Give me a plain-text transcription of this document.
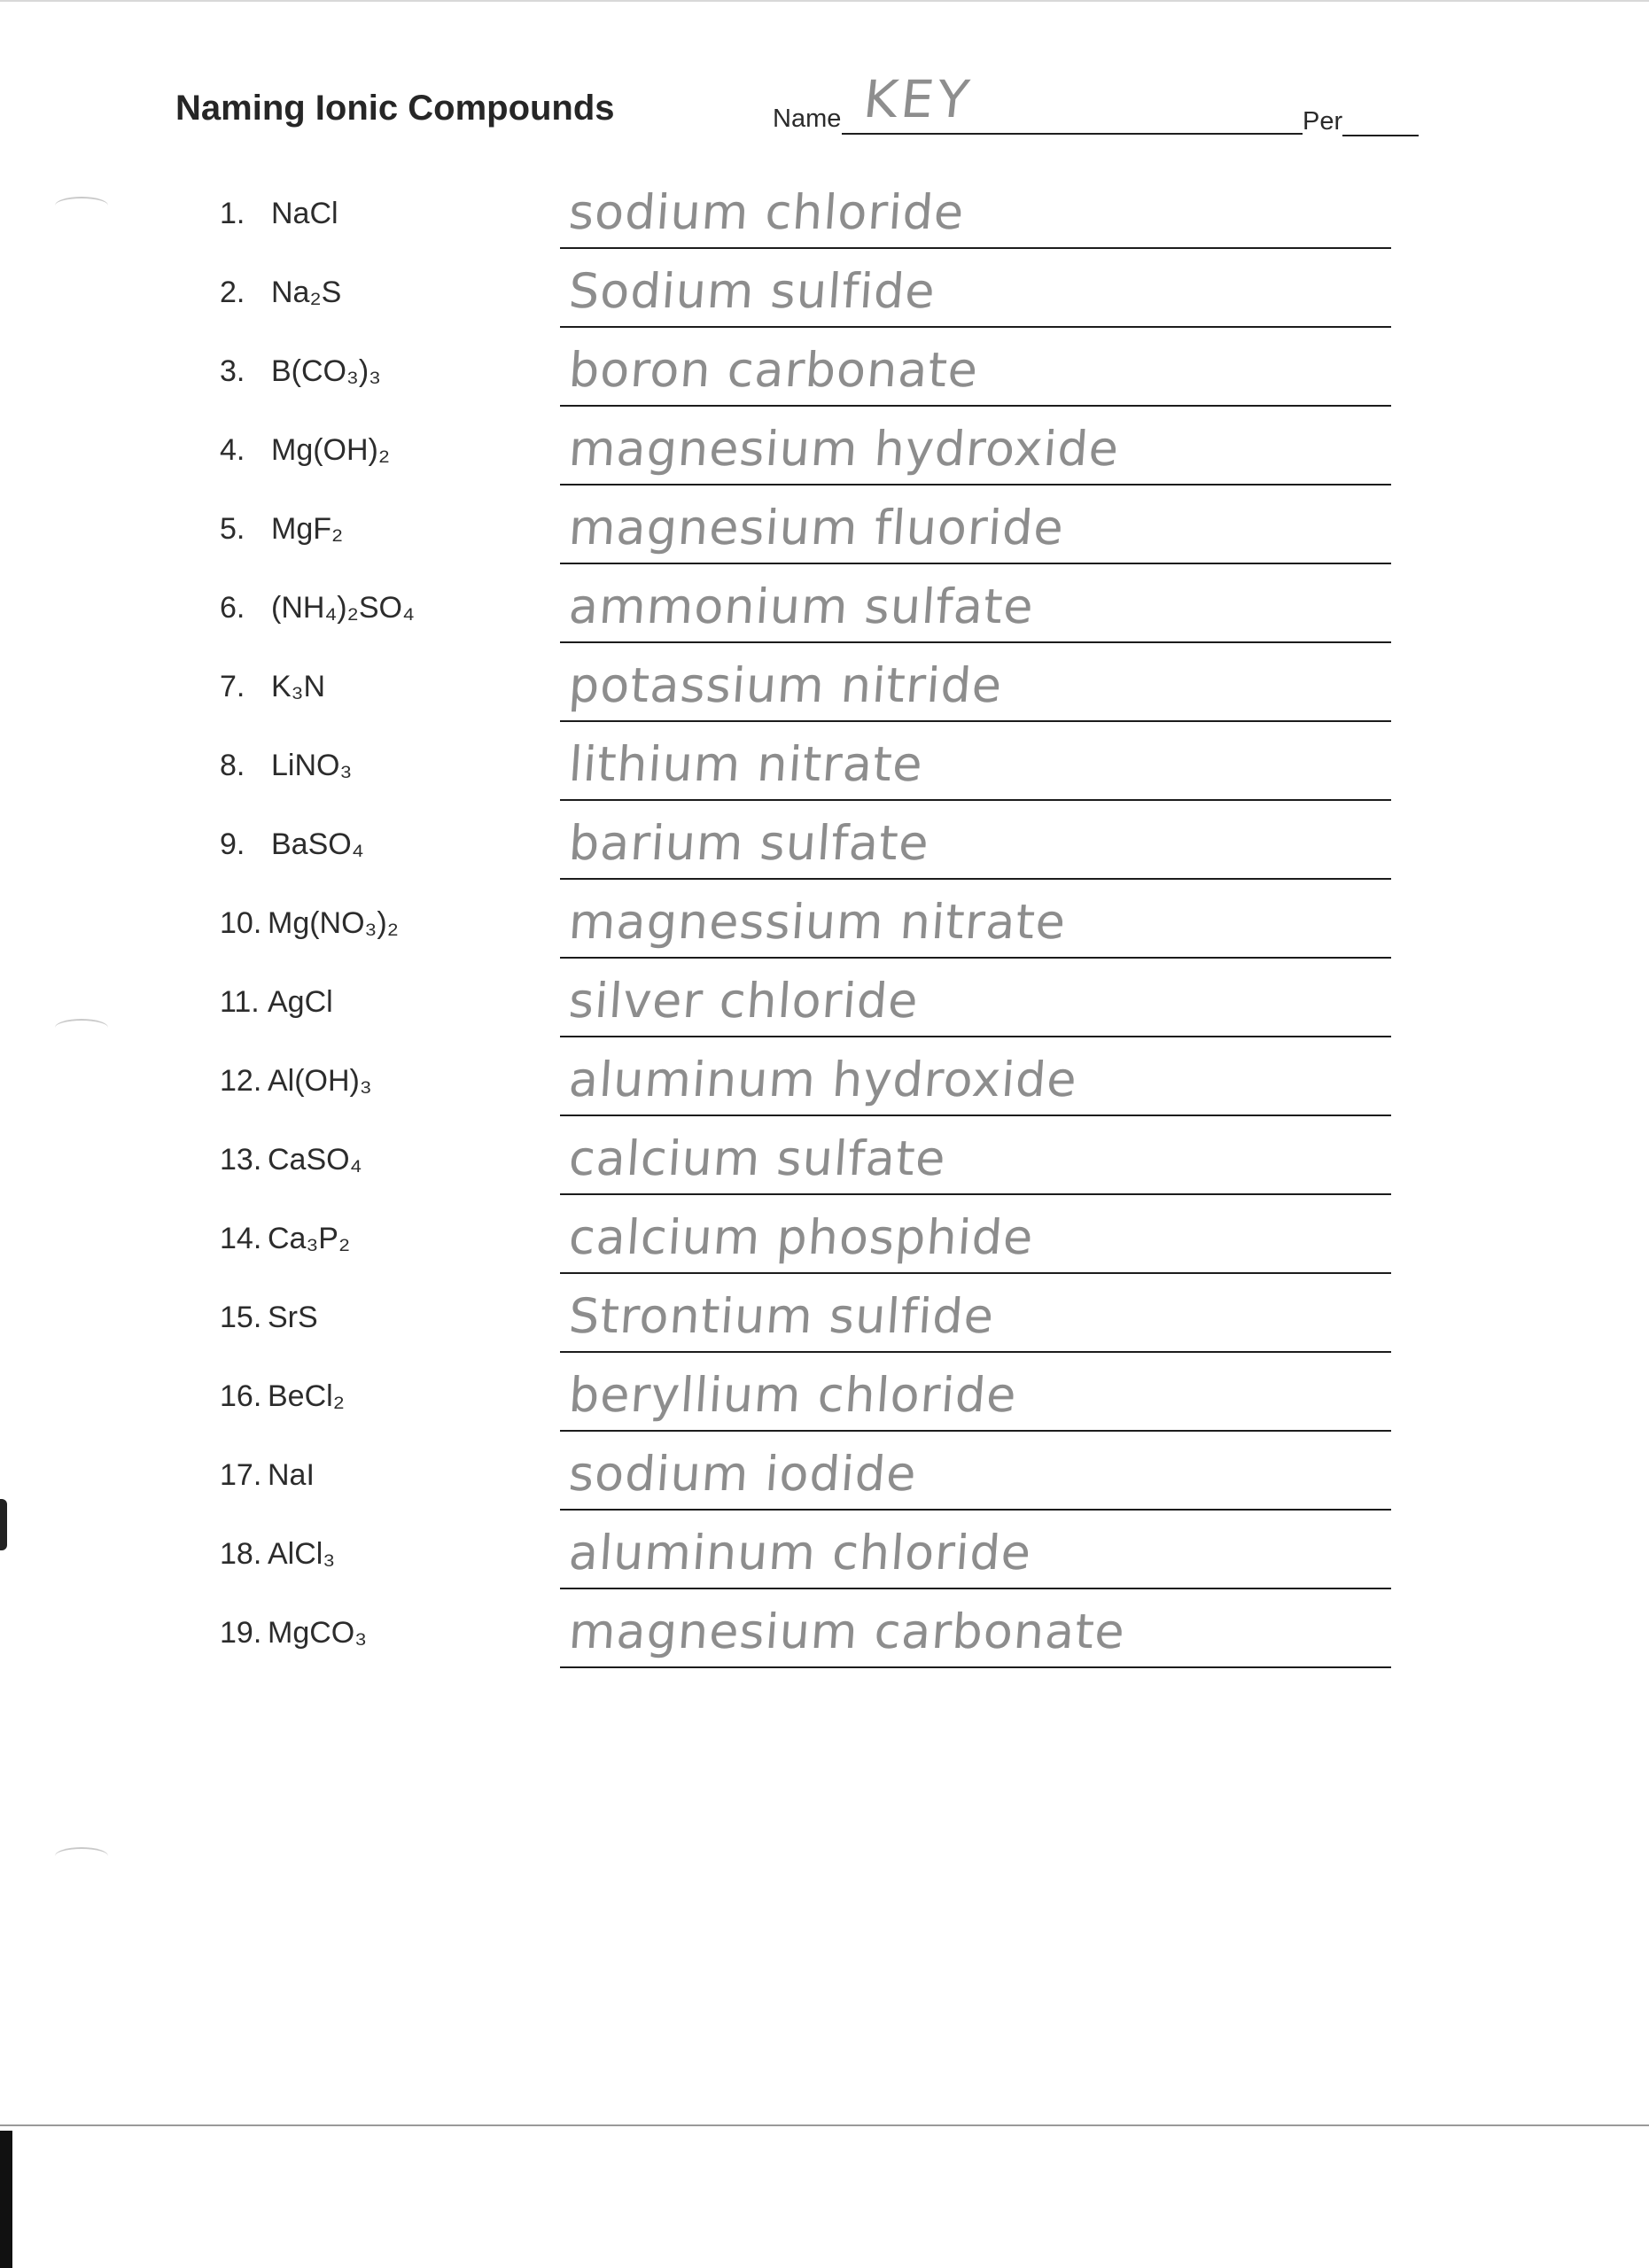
Naming Ionic Compounds	Name KEY	Per
1. NaCl	sodium chloride
2. Na₂S	Sodium sulfide
3. B(CO₃)₃	boron carbonate
4. Mg(OH)₂	magnesium hydroxide
5. MgF₂	magnesium fluoride
6. (NH₄)₂SO₄	ammonium sulfate
7. K₃N	potassium nitride
8. LiNO₃	lithium nitrate
9. BaSO₄	barium sulfate
10. Mg(NO₃)₂	magnessium nitrate
11. AgCl	silver chloride
12. Al(OH)₃	aluminum hydroxide
13. CaSO₄	calcium sulfate
14. Ca₃P₂	calcium phosphide
15. SrS	Strontium sulfide
16. BeCl₂	beryllium chloride
17. NaI	sodium iodide
18. AlCl₃	aluminum chloride
19. MgCO₃	magnesium carbonate
